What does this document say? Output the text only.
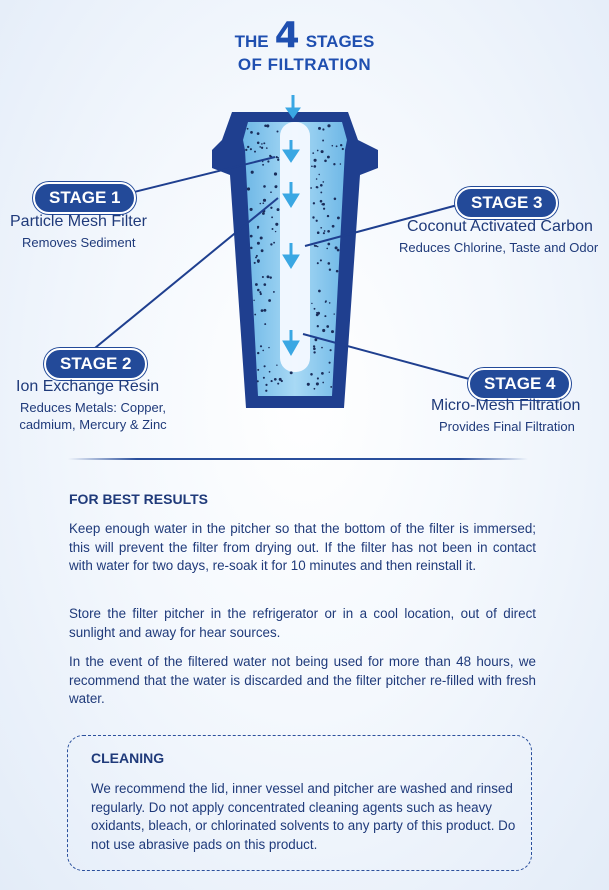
THE 4 STAGES
OF FILTRATION
STAGE 1
Particle Mesh Filter
Removes Sediment
STAGE 2
Ion Exchange Resin
Reduces Metals: Copper,
cadmium, Mercury & Zinc
STAGE 3
Coconut Activated Carbon
Reduces Chlorine, Taste and Odor
STAGE 4
Micro-Mesh Filtration
Provides Final Filtration
FOR BEST RESULTS
Keep enough water in the pitcher so that the bottom of the filter is immersed; this will prevent the filter from drying out. If the filter has not been in contact with water for two days, re-soak it for 10 minutes and then reinstall it.
Store the filter pitcher in the refrigerator or in a cool location, out of direct sunlight and away for hear sources.
In the event of the filtered water not being used for more than 48 hours, we recommend that the water is discarded and the filter pitcher re-filled with fresh water.
CLEANING
We recommend the lid, inner vessel and pitcher are washed and rinsed regularly. Do not apply concentrated cleaning agents such as heavy oxidants, bleach, or chlorinated solvents to any party of this product. Do not use abrasive pads on this product.
